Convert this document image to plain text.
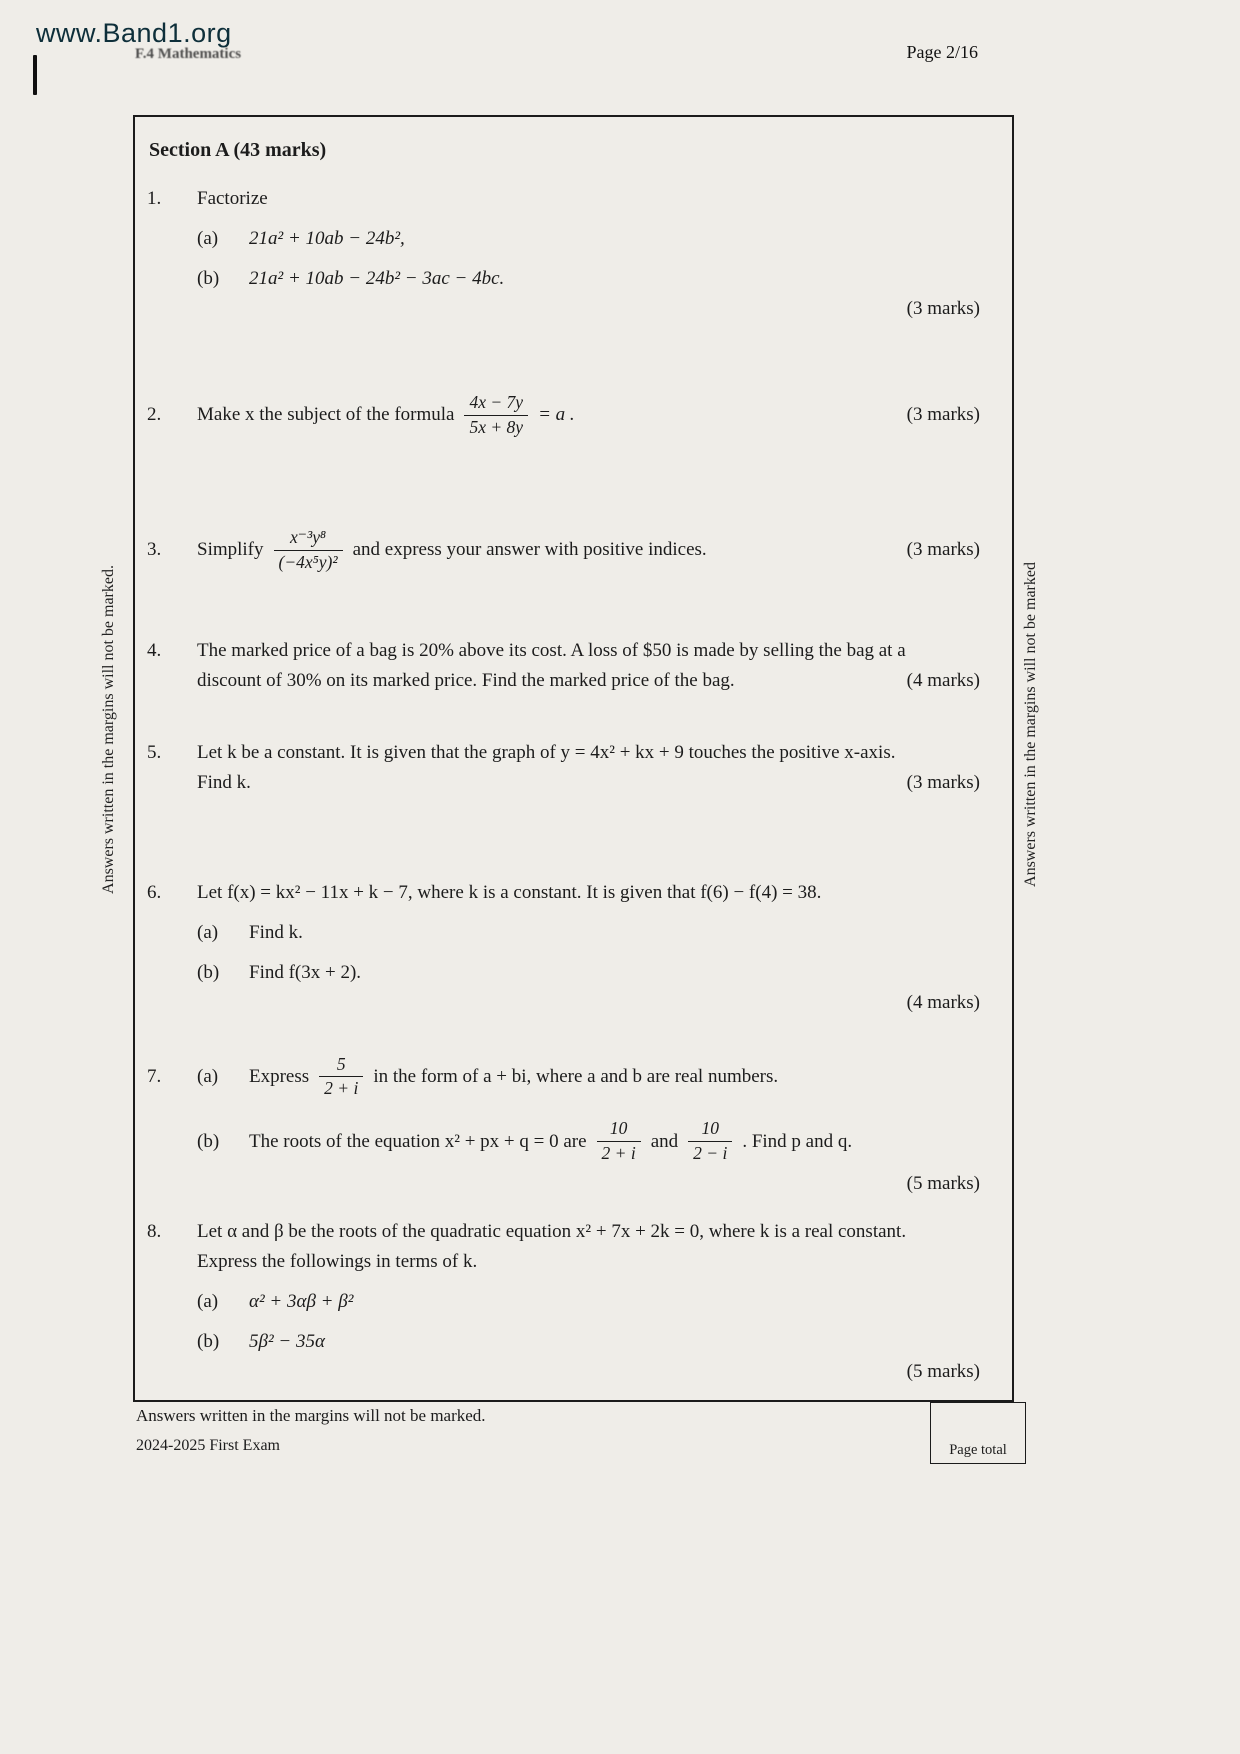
www.Band1.org
F.4 Mathematics	Page 2/16
Answers written in the margins will not be marked.	Answers written in the margins will not be marked
Section A (43 marks)
1.	Factorize
(a)	21a² + 10ab − 24b²,
(b)	21a² + 10ab − 24b² − 3ac − 4bc.
(3 marks)
2.	Make x the subject of the formula $\frac{4x - 7y}{5x + 8y} = a$ .	(3 marks)
3.	Simplify $\frac{\text{x⁻³y⁸}}{\text{(−4x⁵y)²}}$ and express your answer with positive indices.	(3 marks)
4.	The marked price of a bag is 20% above its cost. A loss of $50 is made by selling the bag at a
discount of 30% on its marked price. Find the marked price of the bag.	(4 marks)
5.	Let k be a constant. It is given that the graph of y = 4x² + kx + 9 touches the positive x-axis.
Find k.	(3 marks)
6.	Let f(x) = kx² − 11x + k − 7, where k is a constant. It is given that f(6) − f(4) = 38.
(a)	Find k.
(b)	Find f(3x + 2).
(4 marks)
7.	(a)	Express $\frac{5}{2 + i}$ in the form of a + bi, where a and b are real numbers.
(b)	The roots of the equation x² + px + q = 0 are $\frac{10}{2 + i}$ and $\frac{10}{2 - i}$ . Find p and q.
(5 marks)
8.	Let α and β be the roots of the quadratic equation x² + 7x + 2k = 0, where k is a real constant.
Express the followings in terms of k.
(a)	α² + 3αβ + β²
(b)	5β² − 35α
(5 marks)
Answers written in the margins will not be marked.
2024-2025 First Exam	Page total
